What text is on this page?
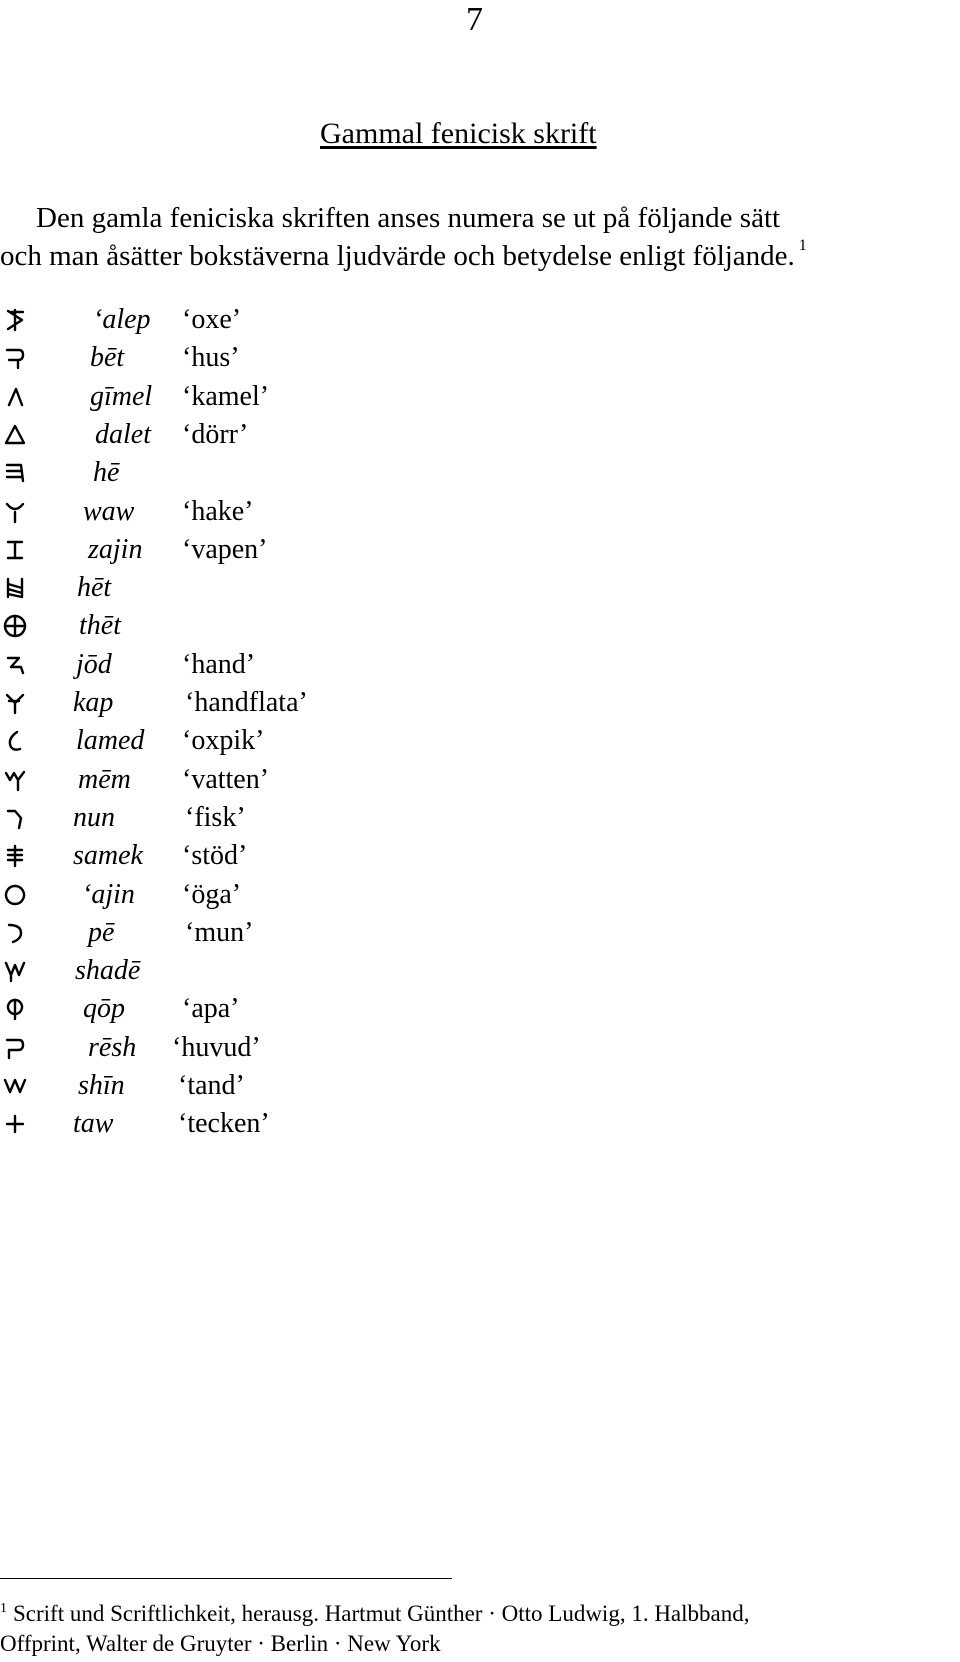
7
Gammal fenicisk skrift
Den gamla feniciska skriften anses numera se ut på följande sätt
och man åsätter bokstäverna ljudvärde och betydelse enligt följande. $^1$
‘alep ‘oxe’
bēt ‘hus’
gīmel ‘kamel’
dalet ‘dörr’
hē
waw ‘hake’
zajin ‘vapen’
hēt
thēt
jōd	‘hand’
kap	‘handflata’
lamed ‘oxpik’
mēm ‘vatten’
nun	‘fisk’
samek ‘stöd’
‘ajin ‘öga’
pē	‘mun’
shadē
qōp ‘apa’
rēsh ‘huvud’
shīn ‘tand’
taw ‘tecken’
$^1$ Scrift und Scriftlichkeit, herausg. Hartmut Günther · Otto Ludwig, 1. Halbband,
Offprint, Walter de Gruyter · Berlin · New York
